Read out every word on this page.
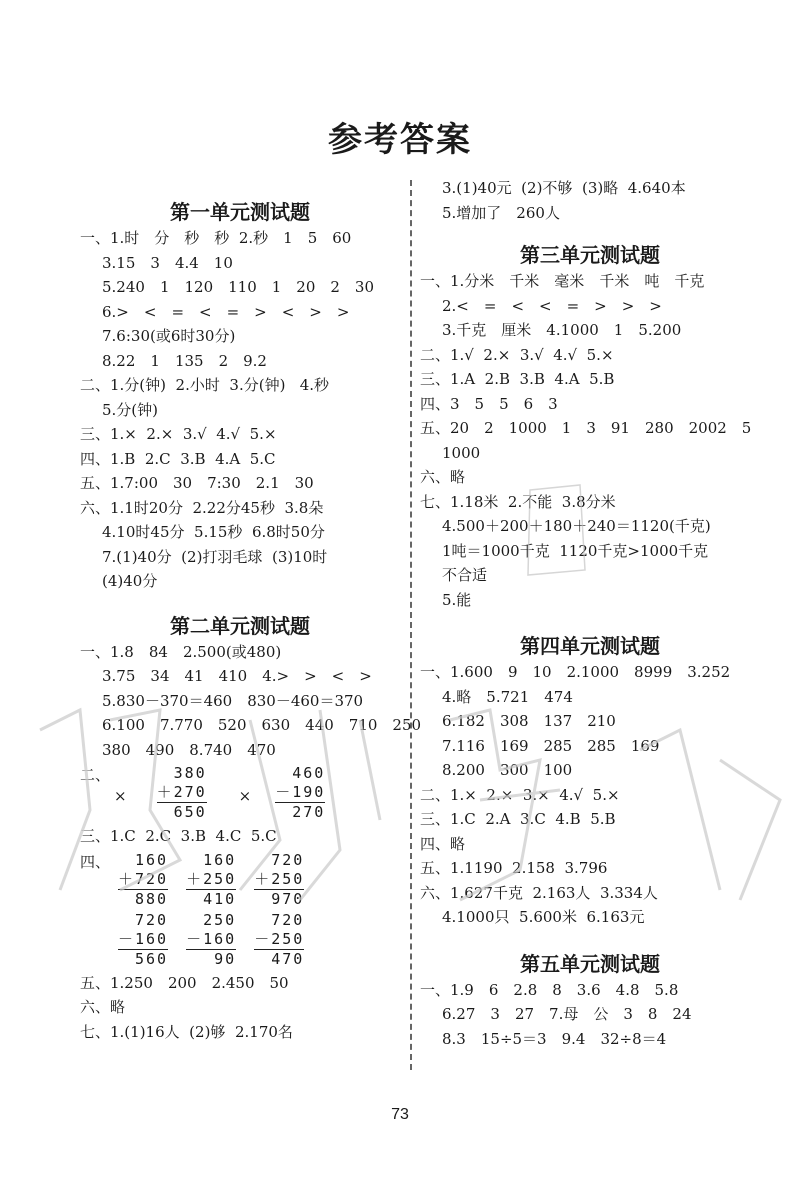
参考答案
第一单元测试题
一、1.时　分　秒　秒  2.秒　1　5　60
3.15　3　4.4　10
5.240　1　120　110　1　20　2　30
6.>　<　=　<　=　>　<　>　>
7.6:30(或6时30分)
8.22　1　135　2　9.2
二、1.分(钟)  2.小时  3.分(钟)   4.秒
5.分(钟)
三、1.×  2.×  3.√  4.√  5.×
四、1.B  2.C  3.B  4.A  5.C
五、1.7:00　30　7:30　2.1　30
六、1.1时20分  2.22分45秒  3.8朵
4.10时45分  5.15秒  6.8时50分
7.(1)40分  (2)打羽毛球  (3)10时
(4)40分
第二单元测试题
一、1.8　84　2.500(或480)
3.75　34　41　410　4.>　>　<　>
5.830－370＝460　830－460＝370
6.100　7.770　520　630　440　710　250
380　490　8.740　470
二、
×
380
＋270
650
×
460
－190
270
三、1.C  2.C  3.B  4.C  5.C
四、	160
＋720
880
160
＋250
410
720
＋250
970
720
－160
560
250
－160
90
720
－250
470
五、1.250　200　2.450　50
六、略
七、1.(1)16人  (2)够  2.170名
3.(1)40元  (2)不够  (3)略  4.640本
5.增加了　260人
第三单元测试题
一、1.分米　千米　毫米　千米　吨　千克
2.<　=　<　<　=　>　>　>
3.千克　厘米　4.1000　1　5.200
二、1.√  2.×  3.√  4.√  5.×
三、1.A  2.B  3.B  4.A  5.B
四、3　5　5　6　3
五、20　2　1000　1　3　91　280　2002　5
1000
六、略
七、1.18米  2.不能  3.8分米
4.500＋200＋180＋240＝1120(千克)
1吨＝1000千克  1120千克>1000千克
不合适
5.能
第四单元测试题
一、1.600　9　10　2.1000　8999　3.252
4.略　5.721　474
6.182　308　137　210
7.116　169　285　285　169
8.200　300　100
二、1.×  2.×  3.×  4.√  5.×
三、1.C  2.A  3.C  4.B  5.B
四、略
五、1.1190  2.158  3.796
六、1.627千克  2.163人  3.334人
4.1000只  5.600米  6.163元
第五单元测试题
一、1.9　6　2.8　8　3.6　4.8　5.8
6.27　3　27　7.母　公　3　8　24
8.3　15÷5＝3　9.4　32÷8＝4
73
